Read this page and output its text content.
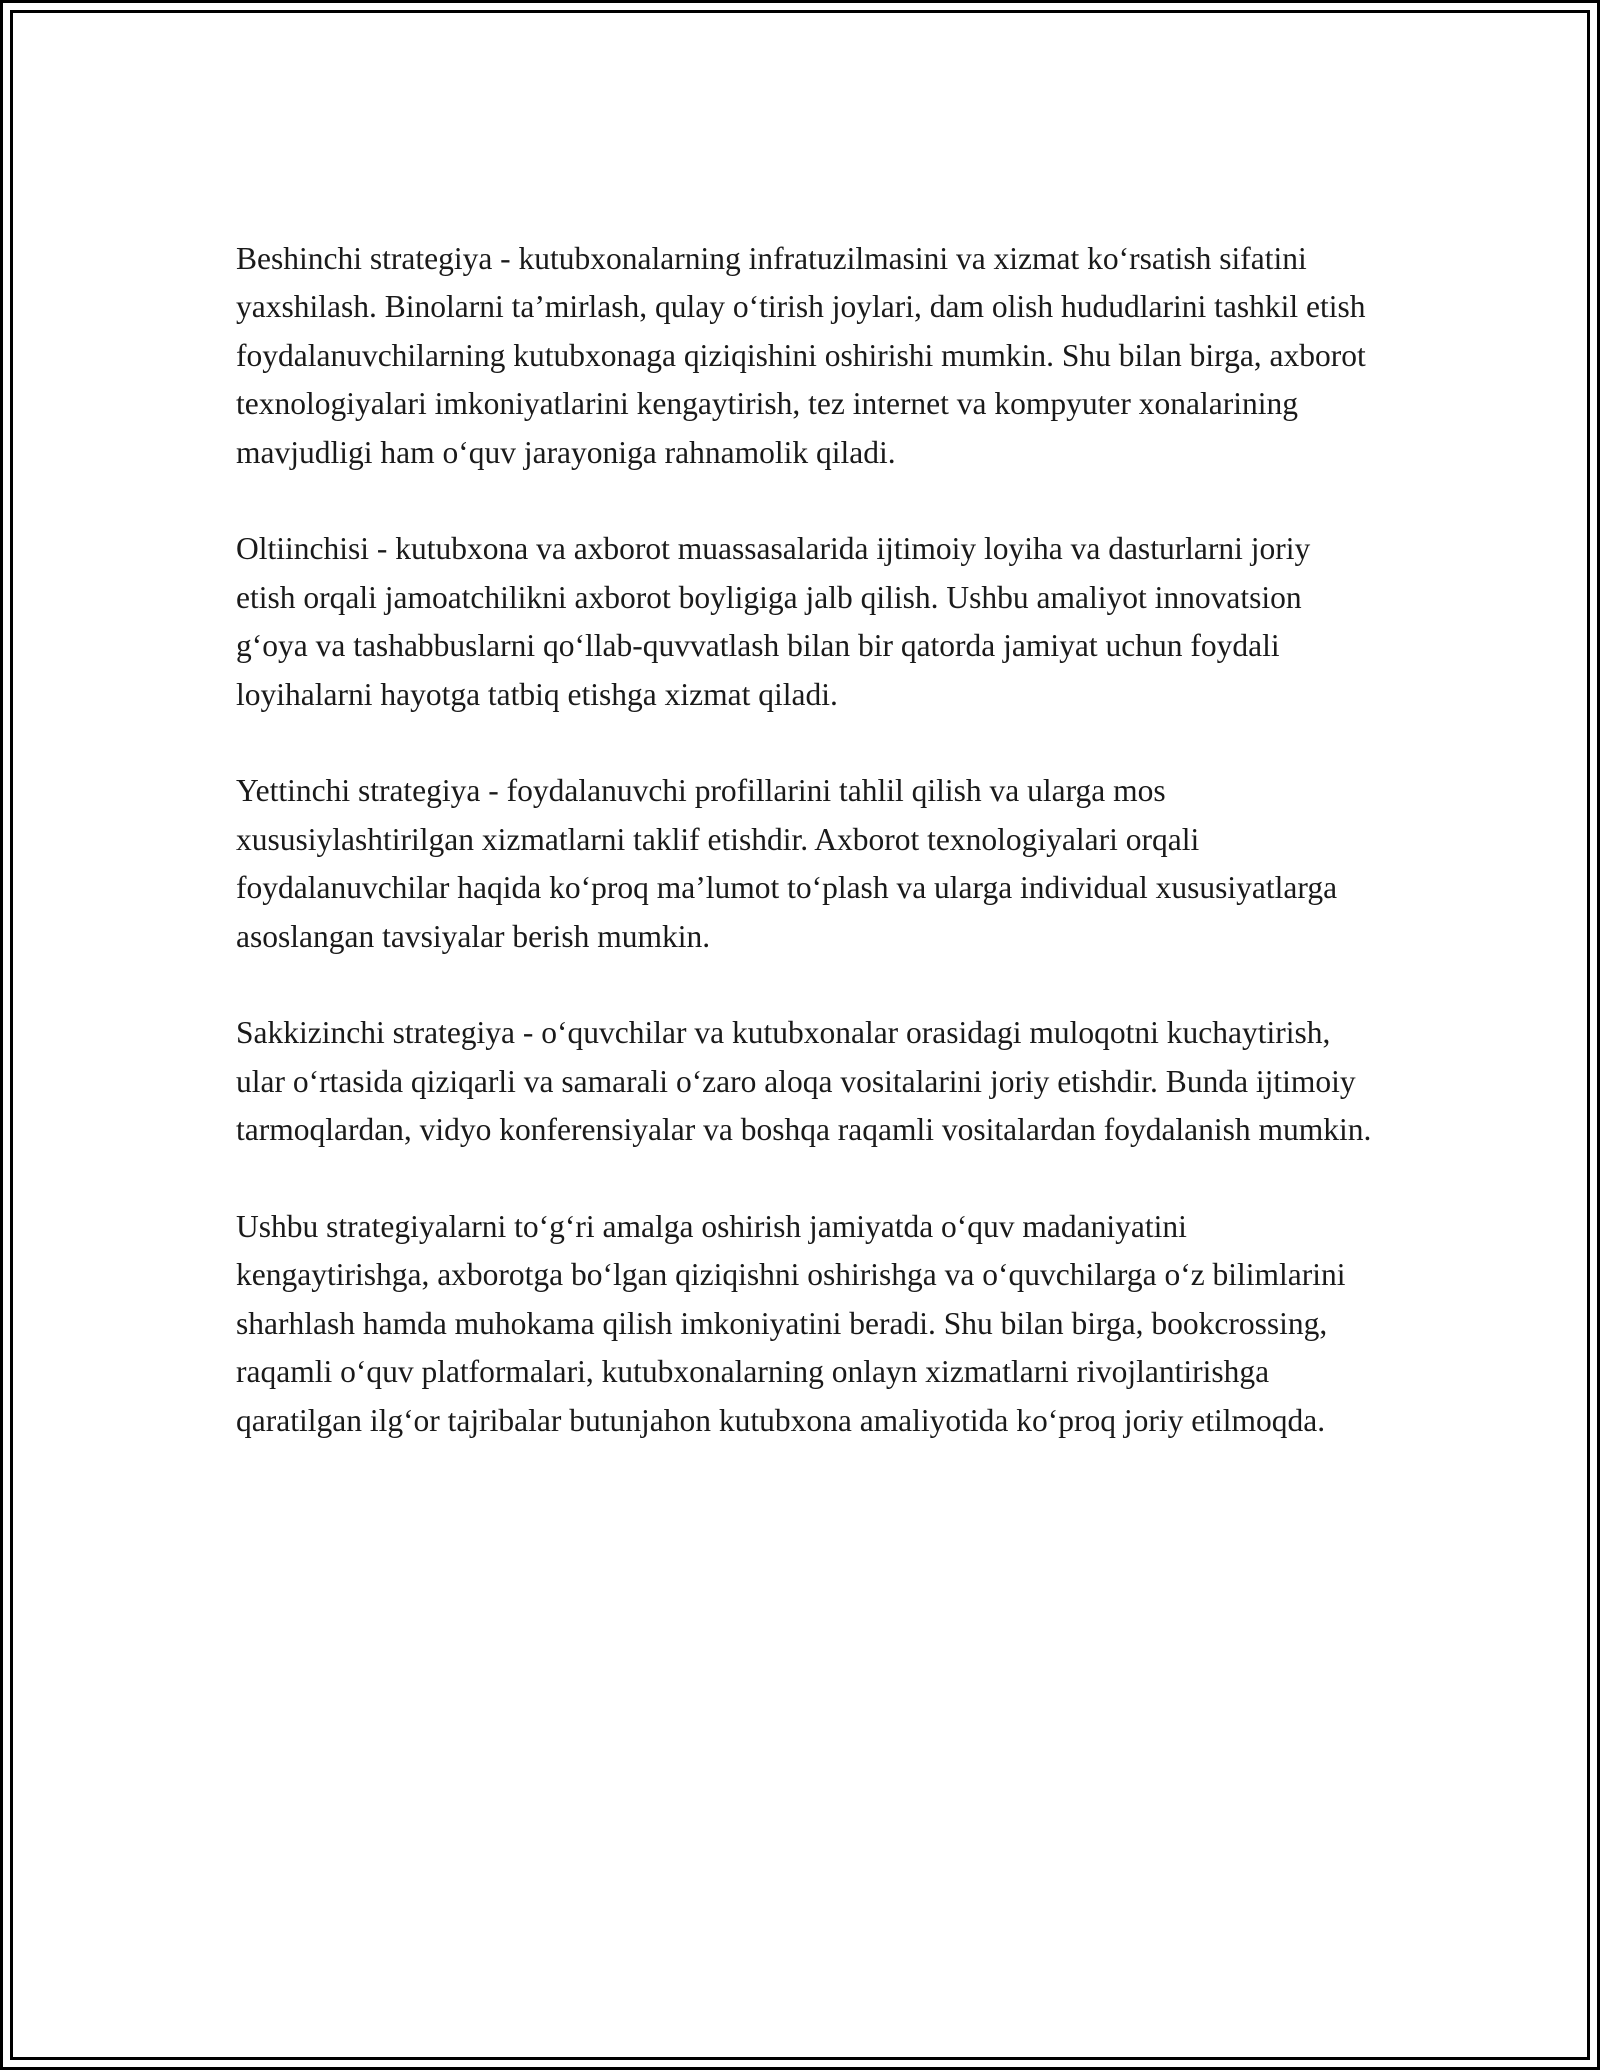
Beshinchi strategiya - kutubxonalarning infratuzilmasini va xizmat ko‘rsatish sifatini yaxshilash. Binolarni ta’mirlash, qulay o‘tirish joylari, dam olish hududlarini tashkil etish foydalanuvchilarning kutubxonaga qiziqishini oshirishi mumkin. Shu bilan birga, axborot texnologiyalari imkoniyatlarini kengaytirish, tez internet va kompyuter xonalarining mavjudligi ham o‘quv jarayoniga rahnamolik qiladi.

Oltiinchisi - kutubxona va axborot muassasalarida ijtimoiy loyiha va dasturlarni joriy etish orqali jamoatchilikni axborot boyligiga jalb qilish. Ushbu amaliyot innovatsion g‘oya va tashabbuslarni qo‘llab-quvvatlash bilan bir qatorda jamiyat uchun foydali loyihalarni hayotga tatbiq etishga xizmat qiladi.

Yettinchi strategiya - foydalanuvchi profillarini tahlil qilish va ularga mos xususiylashtirilgan xizmatlarni taklif etishdir. Axborot texnologiyalari orqali foydalanuvchilar haqida ko‘proq ma’lumot to‘plash va ularga individual xususiyatlarga asoslangan tavsiyalar berish mumkin.

Sakkizinchi strategiya - o‘quvchilar va kutubxonalar orasidagi muloqotni kuchaytirish, ular o‘rtasida qiziqarli va samarali o‘zaro aloqa vositalarini joriy etishdir. Bunda ijtimoiy tarmoqlardan, vidyo konferensiyalar va boshqa raqamli vositalardan foydalanish mumkin.

Ushbu strategiyalarni to‘g‘ri amalga oshirish jamiyatda o‘quv madaniyatini kengaytirishga, axborotga bo‘lgan qiziqishni oshirishga va o‘quvchilarga o‘z bilimlarini sharhlash hamda muhokama qilish imkoniyatini beradi. Shu bilan birga, bookcrossing, raqamli o‘quv platformalari, kutubxonalarning onlayn xizmatlarni rivojlantirishga qaratilgan ilg‘or tajribalar butunjahon kutubxona amaliyotida ko‘proq joriy etilmoqda.
